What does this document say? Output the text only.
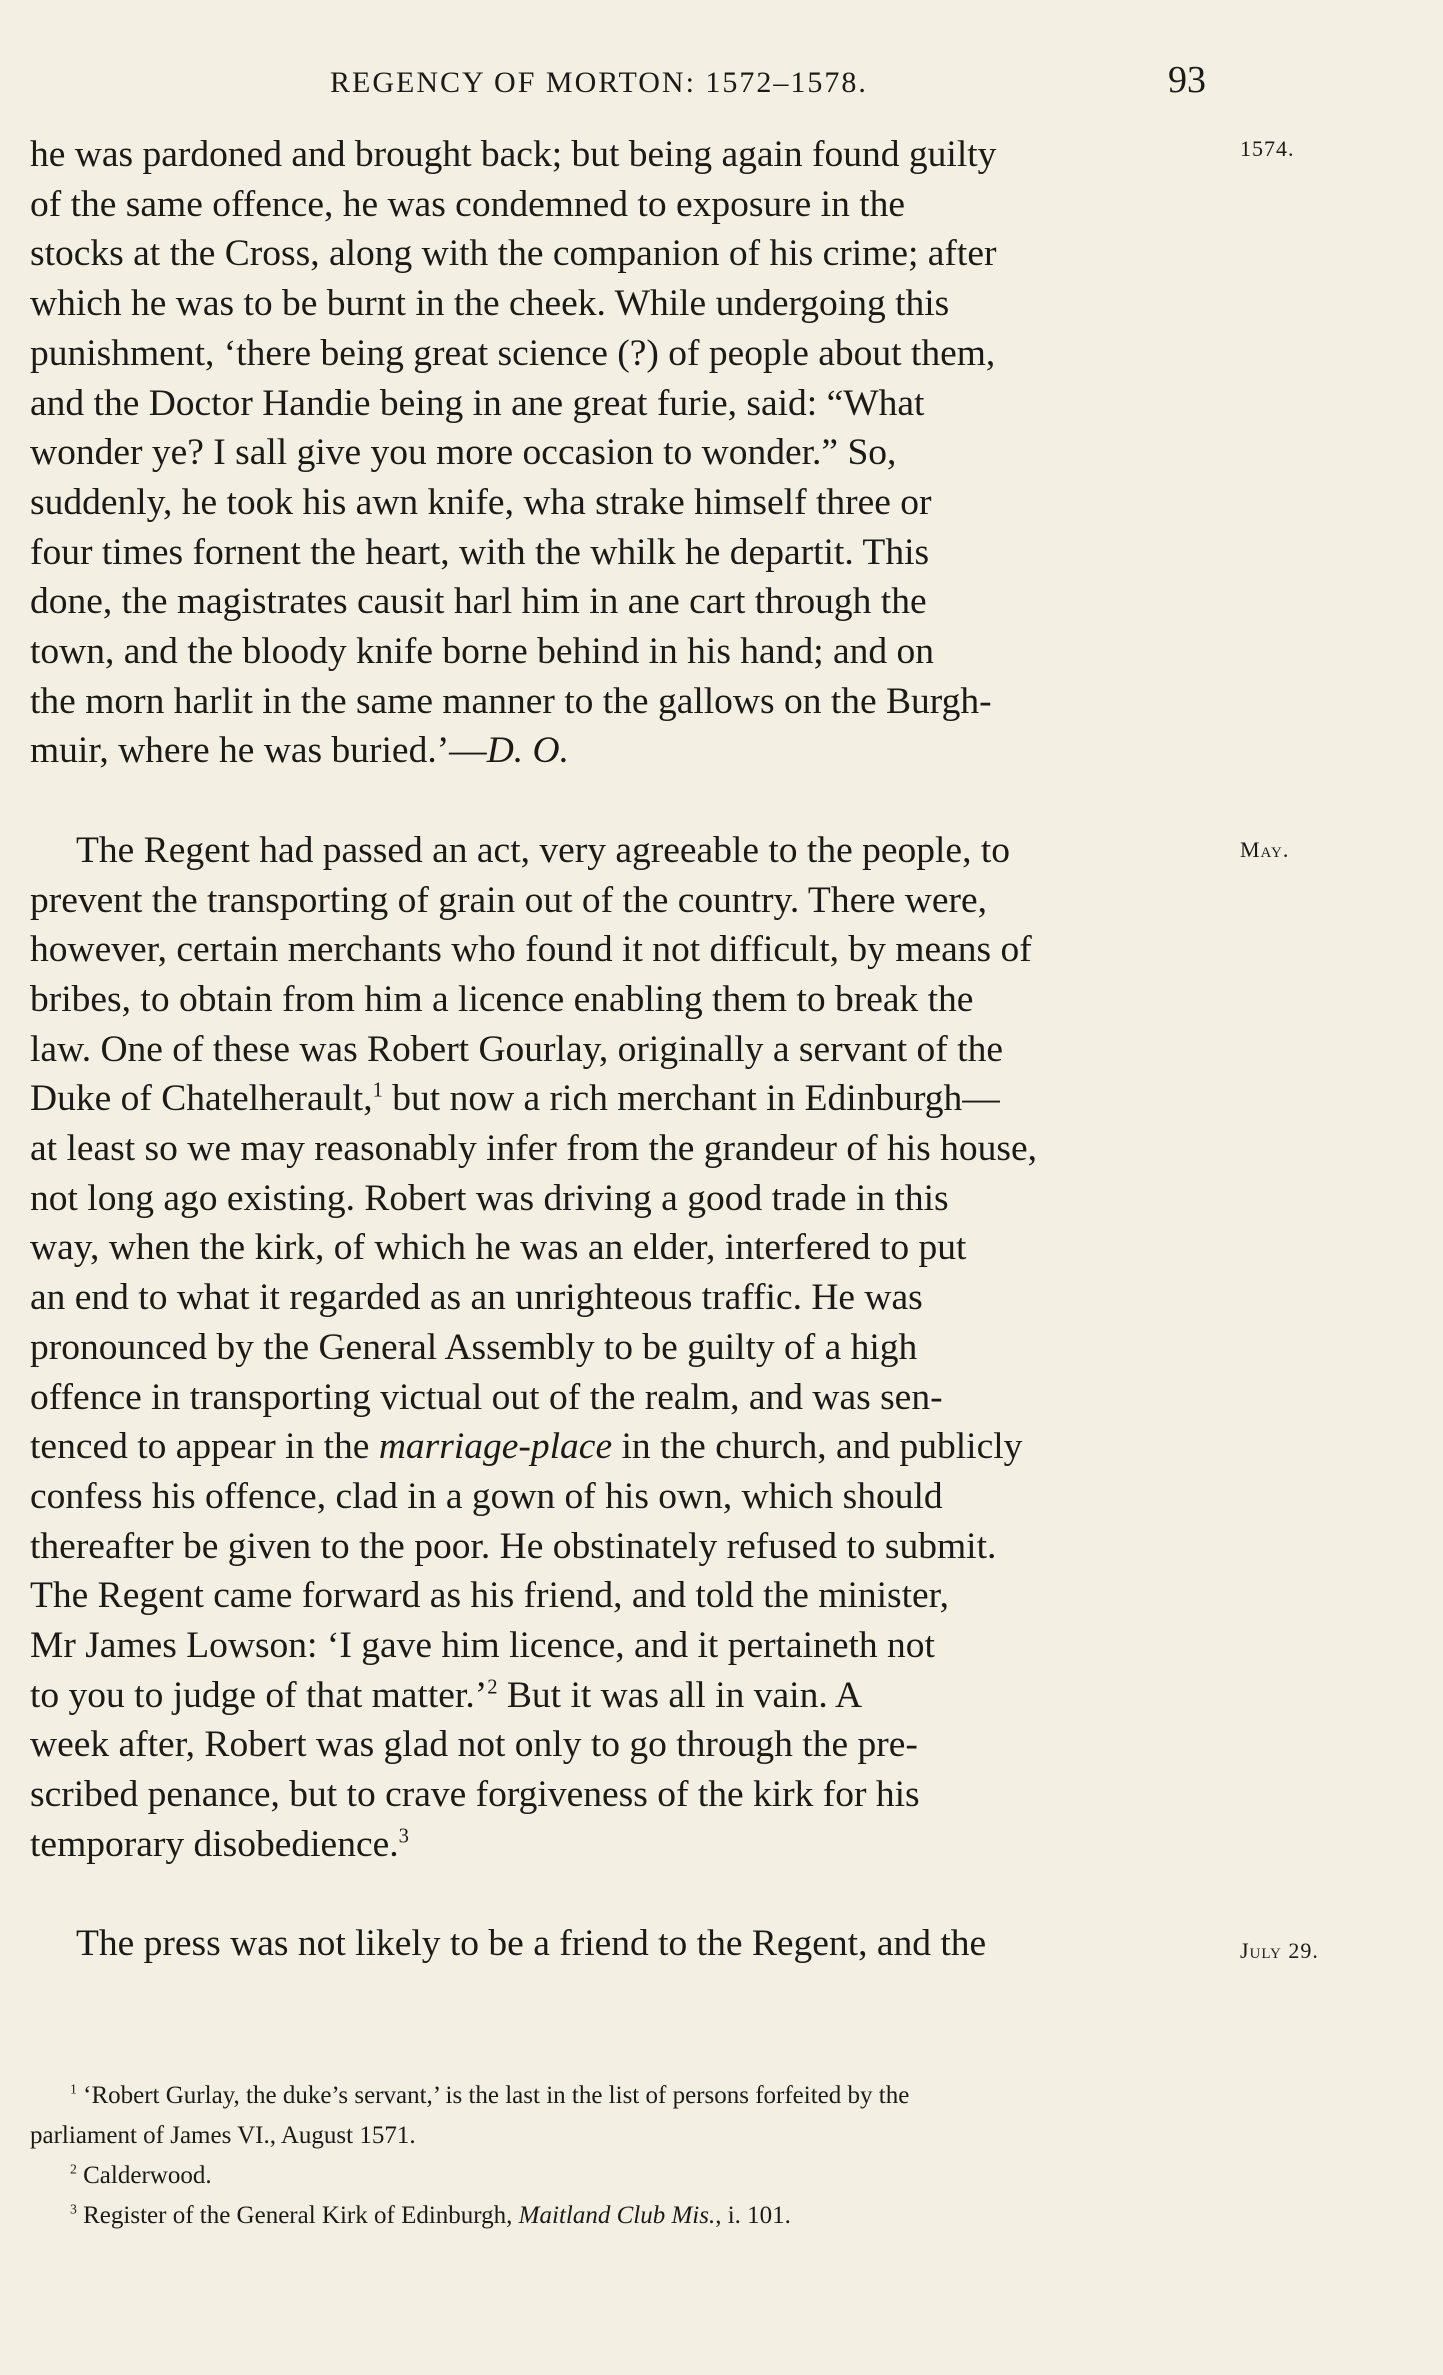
REGENCY OF MORTON: 1572–1578.	93
1574.
May.
July 29.

he was pardoned and brought back; but being again found guilty
of the same offence, he was condemned to exposure in the
stocks at the Cross, along with the companion of his crime; after
which he was to be burnt in the cheek. While undergoing this
punishment, ‘there being great science (?) of people about them,
and the Doctor Handie being in ane great furie, said: “What
wonder ye? I sall give you more occasion to wonder.” So,
suddenly, he took his awn knife, wha strake himself three or
four times fornent the heart, with the whilk he departit. This
done, the magistrates causit harl him in ane cart through the
town, and the bloody knife borne behind in his hand; and on
the morn harlit in the same manner to the gallows on the Burgh-
muir, where he was buried.’—D. O.

The Regent had passed an act, very agreeable to the people, to
prevent the transporting of grain out of the country. There were,
however, certain merchants who found it not difficult, by means of
bribes, to obtain from him a licence enabling them to break the
law. One of these was Robert Gourlay, originally a servant of the
Duke of Chatelherault,$^1$ but now a rich merchant in Edinburgh—
at least so we may reasonably infer from the grandeur of his house,
not long ago existing. Robert was driving a good trade in this
way, when the kirk, of which he was an elder, interfered to put
an end to what it regarded as an unrighteous traffic. He was
pronounced by the General Assembly to be guilty of a high
offence in transporting victual out of the realm, and was sen-
tenced to appear in the marriage-place in the church, and publicly
confess his offence, clad in a gown of his own, which should
thereafter be given to the poor. He obstinately refused to submit.
The Regent came forward as his friend, and told the minister,
Mr James Lowson: ‘I gave him licence, and it pertaineth not
to you to judge of that matter.’$^2$ But it was all in vain. A
week after, Robert was glad not only to go through the pre-
scribed penance, but to crave forgiveness of the kirk for his
temporary disobedience.$^3$

The press was not likely to be a friend to the Regent, and the

$^1$ ‘Robert Gurlay, the duke’s servant,’ is the last in the list of persons forfeited by the

parliament of James VI., August 1571.

$^2$ Calderwood.

$^3$ Register of the General Kirk of Edinburgh, Maitland Club Mis., i. 101.
